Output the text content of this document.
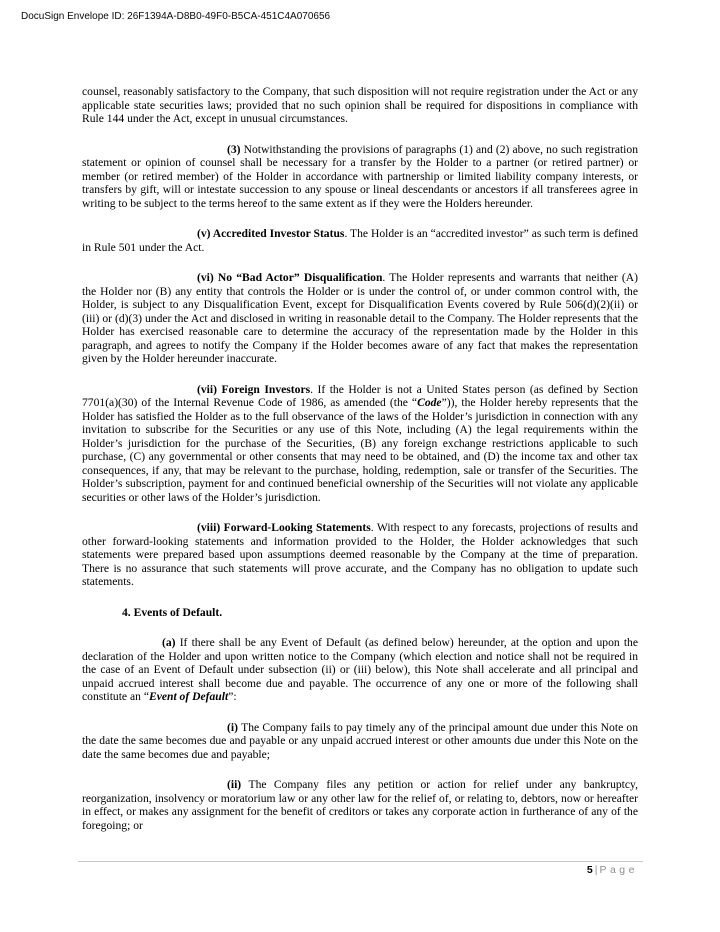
DocuSign Envelope ID: 26F1394A-D8B0-49F0-B5CA-451C4A070656

counsel, reasonably satisfactory to the Company, that such disposition will not require registration under the Act or any applicable state securities laws; provided that no such opinion shall be required for dispositions in compliance with Rule 144 under the Act, except in unusual circumstances.

(3) Notwithstanding the provisions of paragraphs (1) and (2) above, no such registration statement or opinion of counsel shall be necessary for a transfer by the Holder to a partner (or retired partner) or member (or retired member) of the Holder in accordance with partnership or limited liability company interests, or transfers by gift, will or intestate succession to any spouse or lineal descendants or ancestors if all transferees agree in writing to be subject to the terms hereof to the same extent as if they were the Holders hereunder.

(v) Accredited Investor Status. The Holder is an “accredited investor” as such term is defined in Rule 501 under the Act.

(vi) No “Bad Actor” Disqualification. The Holder represents and warrants that neither (A) the Holder nor (B) any entity that controls the Holder or is under the control of, or under common control with, the Holder, is subject to any Disqualification Event, except for Disqualification Events covered by Rule 506(d)(2)(ii) or (iii) or (d)(3) under the Act and disclosed in writing in reasonable detail to the Company. The Holder represents that the Holder has exercised reasonable care to determine the accuracy of the representation made by the Holder in this paragraph, and agrees to notify the Company if the Holder becomes aware of any fact that makes the representation given by the Holder hereunder inaccurate.

(vii) Foreign Investors. If the Holder is not a United States person (as defined by Section 7701(a)(30) of the Internal Revenue Code of 1986, as amended (the “Code”)), the Holder hereby represents that the Holder has satisfied the Holder as to the full observance of the laws of the Holder’s jurisdiction in connection with any invitation to subscribe for the Securities or any use of this Note, including (A) the legal requirements within the Holder’s jurisdiction for the purchase of the Securities, (B) any foreign exchange restrictions applicable to such purchase, (C) any governmental or other consents that may need to be obtained, and (D) the income tax and other tax consequences, if any, that may be relevant to the purchase, holding, redemption, sale or transfer of the Securities. The Holder’s subscription, payment for and continued beneficial ownership of the Securities will not violate any applicable securities or other laws of the Holder’s jurisdiction.

(viii) Forward-Looking Statements. With respect to any forecasts, projections of results and other forward-looking statements and information provided to the Holder, the Holder acknowledges that such statements were prepared based upon assumptions deemed reasonable by the Company at the time of preparation. There is no assurance that such statements will prove accurate, and the Company has no obligation to update such statements.

4. Events of Default.

(a) If there shall be any Event of Default (as defined below) hereunder, at the option and upon the declaration of the Holder and upon written notice to the Company (which election and notice shall not be required in the case of an Event of Default under subsection (ii) or (iii) below), this Note shall accelerate and all principal and unpaid accrued interest shall become due and payable. The occurrence of any one or more of the following shall constitute an “Event of Default”:

(i) The Company fails to pay timely any of the principal amount due under this Note on the date the same becomes due and payable or any unpaid accrued interest or other amounts due under this Note on the date the same becomes due and payable;

(ii) The Company files any petition or action for relief under any bankruptcy, reorganization, insolvency or moratorium law or any other law for the relief of, or relating to, debtors, now or hereafter in effect, or makes any assignment for the benefit of creditors or takes any corporate action in furtherance of any of the foregoing; or

5 | Page
